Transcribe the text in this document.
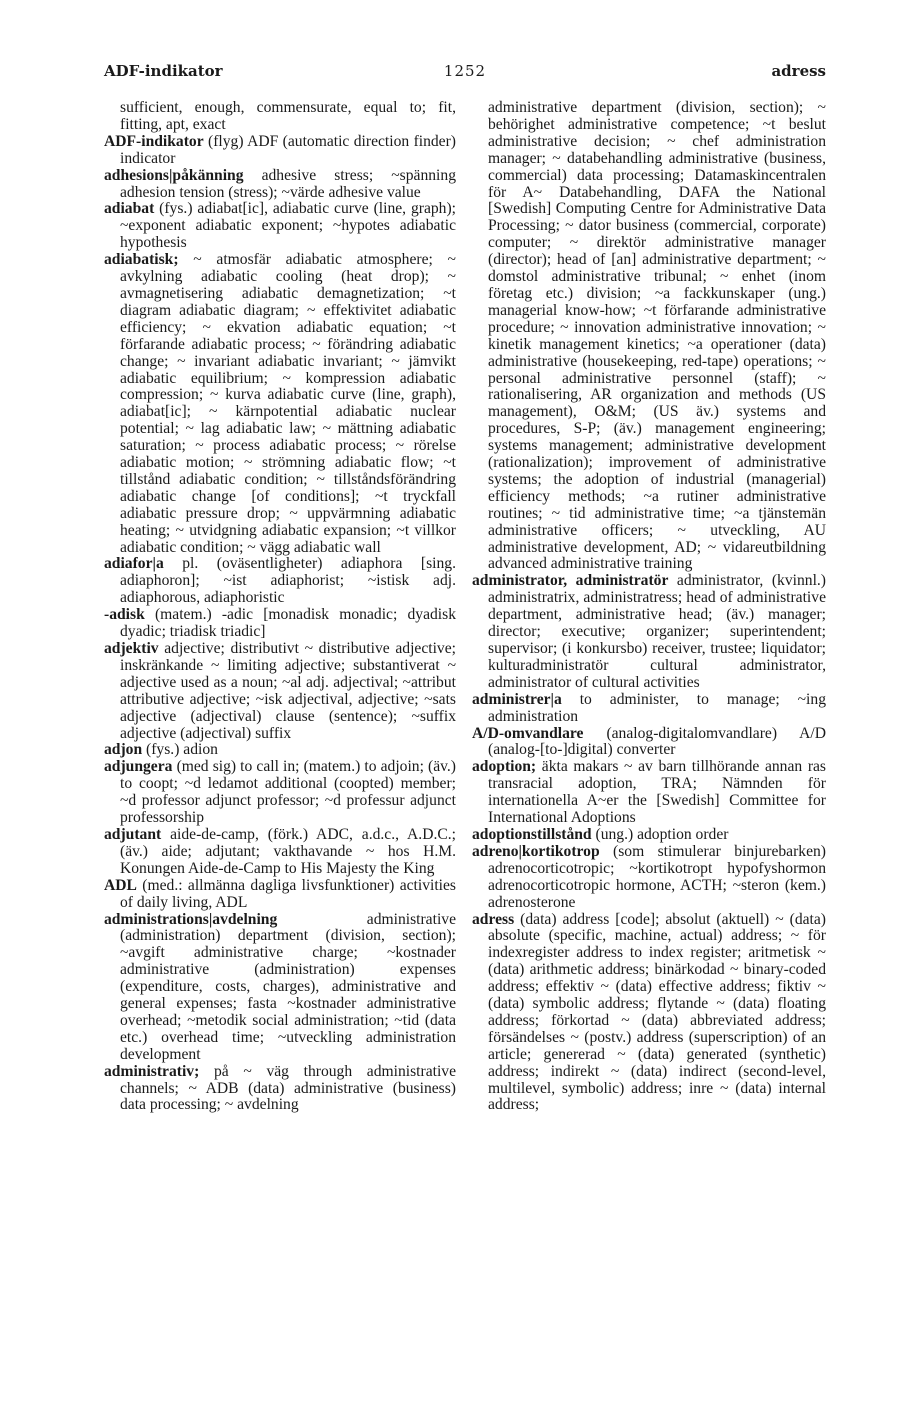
ADF-indikator	1252	adress

sufficient, enough, commensurate, equal to; fit, fitting, apt, exact

ADF-indikator (flyg) ADF (automatic direction finder) indicator

adhesions|påkänning adhesive stress; ~spänning adhesion tension (stress); ~värde adhesive value

adiabat (fys.) adiabat[ic], adiabatic curve (line, graph); ~exponent adiabatic exponent; ~hypotes adiabatic hypothesis

adiabatisk; ~ atmosfär adiabatic atmosphere; ~ avkylning adiabatic cooling (heat drop); ~ avmagnetisering adiabatic demagnetization; ~t diagram adiabatic diagram; ~ effektivitet adiabatic efficiency; ~ ekvation adiabatic equation; ~t förfarande adiabatic process; ~ förändring adiabatic change; ~ invariant adiabatic invariant; ~ jämvikt adiabatic equilibrium; ~ kompression adiabatic compression; ~ kurva adiabatic curve (line, graph), adiabat[ic]; ~ kärnpotential adiabatic nuclear potential; ~ lag adiabatic law; ~ mättning adiabatic saturation; ~ process adiabatic process; ~ rörelse adiabatic motion; ~ strömning adiabatic flow; ~t tillstånd adiabatic condition; ~ tillståndsförändring adiabatic change [of conditions]; ~t tryckfall adiabatic pressure drop; ~ uppvärmning adiabatic heating; ~ utvidgning adiabatic expansion; ~t villkor adiabatic condition; ~ vägg adiabatic wall

adiafor|a pl. (oväsentligheter) adiaphora [sing. adiaphoron]; ~ist adiaphorist; ~istisk adj. adiaphorous, adiaphoristic

-adisk (matem.) -adic [monadisk monadic; dyadisk dyadic; triadisk triadic]

adjektiv adjective; distributivt ~ distributive adjective; inskränkande ~ limiting adjective; substantiverat ~ adjective used as a noun; ~al adj. adjectival; ~attribut attributive adjective; ~isk adjectival, adjective; ~sats adjective (adjectival) clause (sentence); ~suffix adjective (adjectival) suffix

adjon (fys.) adion

adjungera (med sig) to call in; (matem.) to adjoin; (äv.) to coopt; ~d ledamot additional (coopted) member; ~d professor adjunct professor; ~d professur adjunct professorship

adjutant aide-de-camp, (förk.) ADC, a.d.c., A.D.C.; (äv.) aide; adjutant; vakthavande ~ hos H.M. Konungen Aide-de-Camp to His Majesty the King

ADL (med.: allmänna dagliga livsfunktioner) activities of daily living, ADL

administrations|avdelning	administrative (administration) department (division, section); ~avgift administrative charge; ~kostnader administrative (administration) expenses (expenditure, costs, charges), administrative and general expenses; fasta ~kostnader administrative overhead; ~metodik social administration; ~tid (data etc.) overhead time; ~utveckling administration development

administrativ; på ~ väg through administrative channels; ~ ADB (data) administrative (business) data processing; ~ avdelning

administrative department (division, section); ~ behörighet administrative competence; ~t beslut administrative decision; ~ chef administration manager; ~ databehandling administrative (business, commercial) data processing; Datamaskincentralen för A~ Databehandling, DAFA the National [Swedish] Computing Centre for Administrative Data Processing; ~ dator business (commercial, corporate) computer; ~ direktör administrative manager (director); head of [an] administrative department; ~ domstol administrative tribunal; ~ enhet (inom företag etc.) division; ~a fackkunskaper (ung.) managerial know-how; ~t förfarande administrative procedure; ~ innovation administrative innovation; ~ kinetik management kinetics; ~a operationer (data) administrative (housekeeping, red-tape) operations; ~ personal administrative personnel (staff); ~ rationalisering, AR organization and methods (US management), O&M; (US äv.) systems and procedures, S-P; (äv.) management engineering; systems management; administrative development (rationalization); improvement of administrative systems; the adoption of industrial (managerial) efficiency methods; ~a rutiner administrative routines; ~ tid administrative time; ~a tjänstemän administrative officers; ~ utveckling, AU administrative development, AD; ~ vidareutbildning advanced administrative training

administrator, administratör administrator, (kvinnl.) administratrix, administratress; head of administrative department, administrative head; (äv.) manager; director; executive; organizer; superintendent; supervisor; (i konkursbo) receiver, trustee; liquidator; kulturadministratör cultural administrator, administrator of cultural activities

administrer|a to administer, to manage; ~ing administration

A/D-omvandlare (analog-digitalomvandlare) A/D (analog-[to-]digital) converter

adoption; äkta makars ~ av barn tillhörande annan ras transracial adoption, TRA; Nämnden för internationella A~er the [Swedish] Committee for International Adoptions

adoptionstillstånd (ung.) adoption order

adreno|kortikotrop (som stimulerar binjurebarken) adrenocorticotropic; ~kortikotropt hypofyshormon adrenocorticotropic hormone, ACTH; ~steron (kem.) adrenosterone

adress (data) address [code]; absolut (aktuell) ~ (data) absolute (specific, machine, actual) address; ~ för indexregister address to index register; aritmetisk ~ (data) arithmetic address; binärkodad ~ binary-coded address; effektiv ~ (data) effective address; fiktiv ~ (data) symbolic address; flytande ~ (data) floating address; förkortad ~ (data) abbreviated address; försändelses ~ (postv.) address (superscription) of an article; genererad ~ (data) generated (synthetic) address; indirekt ~ (data) indirect (second-level, multilevel, symbolic) address; inre ~ (data) internal address;
